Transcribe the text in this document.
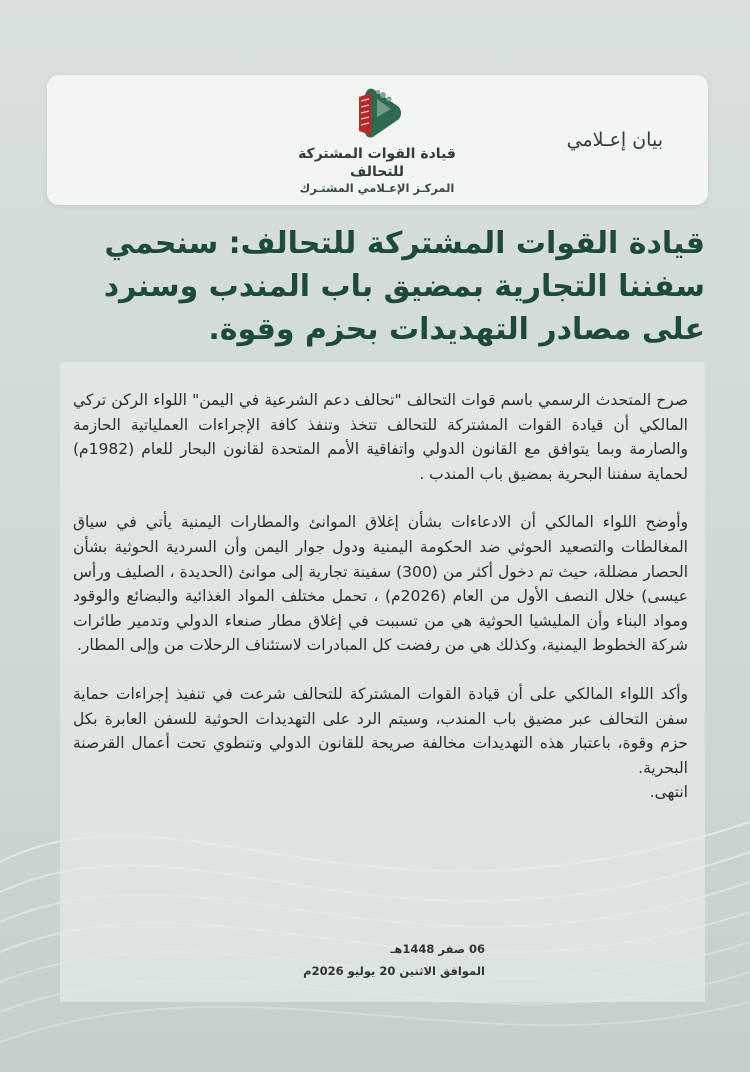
قيادة القوات المشتركة للتحالف
المركـز الإعـلامي المشتـرك
بيان إعـلامي
قيادة القوات المشتركة للتحالف: سنحمي سفننا التجارية بمضيق باب المندب وسنرد على مصادر التهديدات بحزم وقوة.

صرح المتحدث الرسمي باسم قوات التحالف "تحالف دعم الشرعية في اليمن" اللواء الركن تركي المالكي أن قيادة القوات المشتركة للتحالف تتخذ وتنفذ كافة الإجراءات العملياتية الحازمة والصارمة وبما يتوافق مع القانون الدولي واتفاقية الأمم المتحدة لقانون البحار للعام (1982م) لحماية سفننا البحرية بمضيق باب المندب .

وأوضح اللواء المالكي أن الادعاءات بشأن إغلاق الموانئ والمطارات اليمنية يأتي في سياق المغالطات والتصعيد الحوثي ضد الحكومة اليمنية ودول جوار اليمن وأن السردية الحوثية بشأن الحصار مضللة، حيث تم دخول أكثر من (300) سفينة تجارية إلى موانئ (الحديدة ، الصليف ورأس عيسى) خلال النصف الأول من العام (2026م) ، تحمل مختلف المواد الغذائية والبضائع والوقود ومواد البناء وأن المليشيا الحوثية هي من تسببت في إغلاق مطار صنعاء الدولي وتدمير طائرات شركة الخطوط اليمنية، وكذلك هي من رفضت كل المبادرات لاستئناف الرحلات من وإلى المطار.

وأكد اللواء المالكي على أن قيادة القوات المشتركة للتحالف شرعت في تنفيذ إجراءات حماية سفن التحالف عبر مضيق باب المندب، وسيتم الرد على التهديدات الحوثية للسفن العابرة بكل حزم وقوة، باعتبار هذه التهديدات مخالفة صريحة للقانون الدولي وتنطوي تحت أعمال القرصنة البحرية.

انتهى.
06 صفر 1448هـ
الموافق الاثنين 20 يوليو 2026م
